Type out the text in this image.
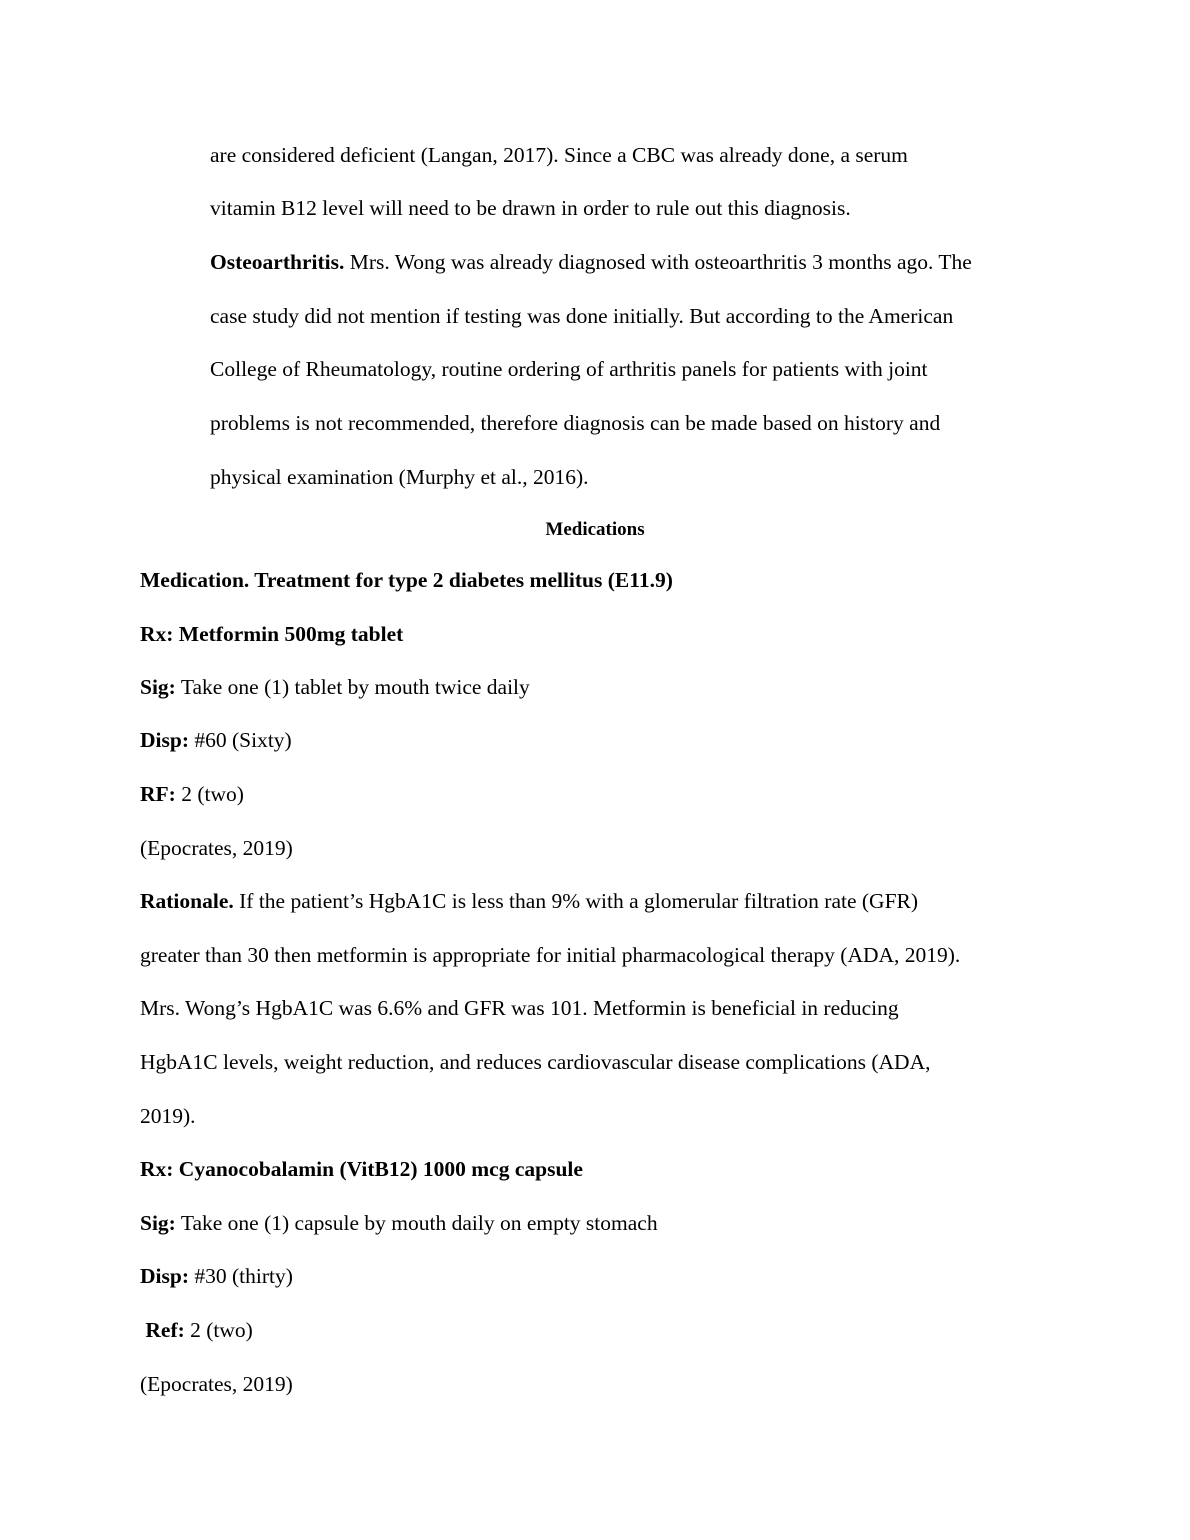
are considered deficient (Langan, 2017). Since a CBC was already done, a serum
vitamin B12 level will need to be drawn in order to rule out this diagnosis.
Osteoarthritis. Mrs. Wong was already diagnosed with osteoarthritis 3 months ago. The
case study did not mention if testing was done initially. But according to the American
College of Rheumatology, routine ordering of arthritis panels for patients with joint
problems is not recommended, therefore diagnosis can be made based on history and
physical examination (Murphy et al., 2016).
Medications
Medication. Treatment for type 2 diabetes mellitus (E11.9)
Rx: Metformin 500mg tablet
Sig: Take one (1) tablet by mouth twice daily
Disp: #60 (Sixty)
RF: 2 (two)
(Epocrates, 2019)
Rationale. If the patient’s HgbA1C is less than 9% with a glomerular filtration rate (GFR)
greater than 30 then metformin is appropriate for initial pharmacological therapy (ADA, 2019).
Mrs. Wong’s HgbA1C was 6.6% and GFR was 101. Metformin is beneficial in reducing
HgbA1C levels, weight reduction, and reduces cardiovascular disease complications (ADA,
2019).
Rx: Cyanocobalamin (VitB12) 1000 mcg capsule
Sig: Take one (1) capsule by mouth daily on empty stomach
Disp: #30 (thirty)
Ref: 2 (two)
(Epocrates, 2019)
